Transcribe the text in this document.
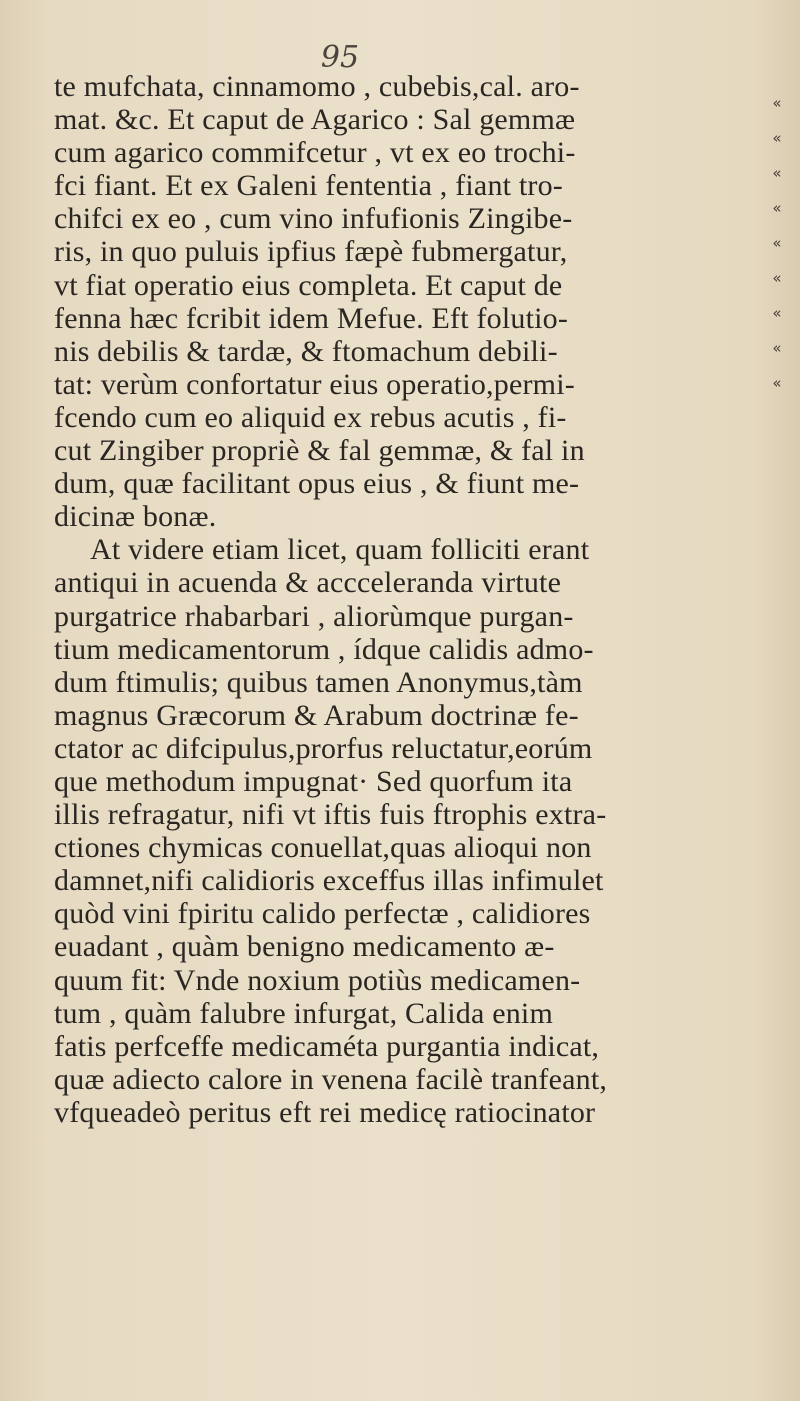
95
te mufchata, cinnamomo , cubebis,cal. aro-
mat. &c. Et caput de Agarico : Sal gemmæ
cum agarico commifcetur , vt ex eo trochi-
fci fiant. Et ex Galeni fententia , fiant tro-
chifci ex eo , cum vino infufionis Zingibe-
ris, in quo puluis ipfius fæpè fubmergatur,
vt fiat operatio eius completa. Et caput de
fenna hæc fcribit idem Mefue. Eft folutio-
nis debilis & tardæ, & ftomachum debili-
tat: verùm confortatur eius operatio,permi-
fcendo cum eo aliquid ex rebus acutis , fi-
cut Zingiber propriè & fal gemmæ, & fal in
dum, quæ facilitant opus eius , & fiunt me-
dicinæ bonæ.
At videre etiam licet, quam folliciti erant
antiqui in acuenda & accceleranda virtute
purgatrice rhabarbari , aliorùmque purgan-
tium medicamentorum , ídque calidis admo-
dum ftimulis; quibus tamen Anonymus,tàm
magnus Græcorum & Arabum doctrinæ fe-
ctator ac difcipulus,prorfus reluctatur,eorúm
que methodum impugnat· Sed quorfum ita
illis refragatur, nifi vt iftis fuis ftrophis extra-
ctiones chymicas conuellat,quas alioqui non
damnet,nifi calidioris exceffus illas infimulet
quòd vini fpiritu calido perfectæ , calidiores
euadant , quàm benigno medicamento æ-
quum fit: Vnde noxium potiùs medicamen-
tum , quàm falubre infurgat, Calida enim
fatis perfceffe medicaméta purgantia indicat,
quæ adiecto calore in venena facilè tranfeant,
vfqueadeò peritus eft rei medicę ratiocinator
«
«
«
«
«
«
«
«
«
